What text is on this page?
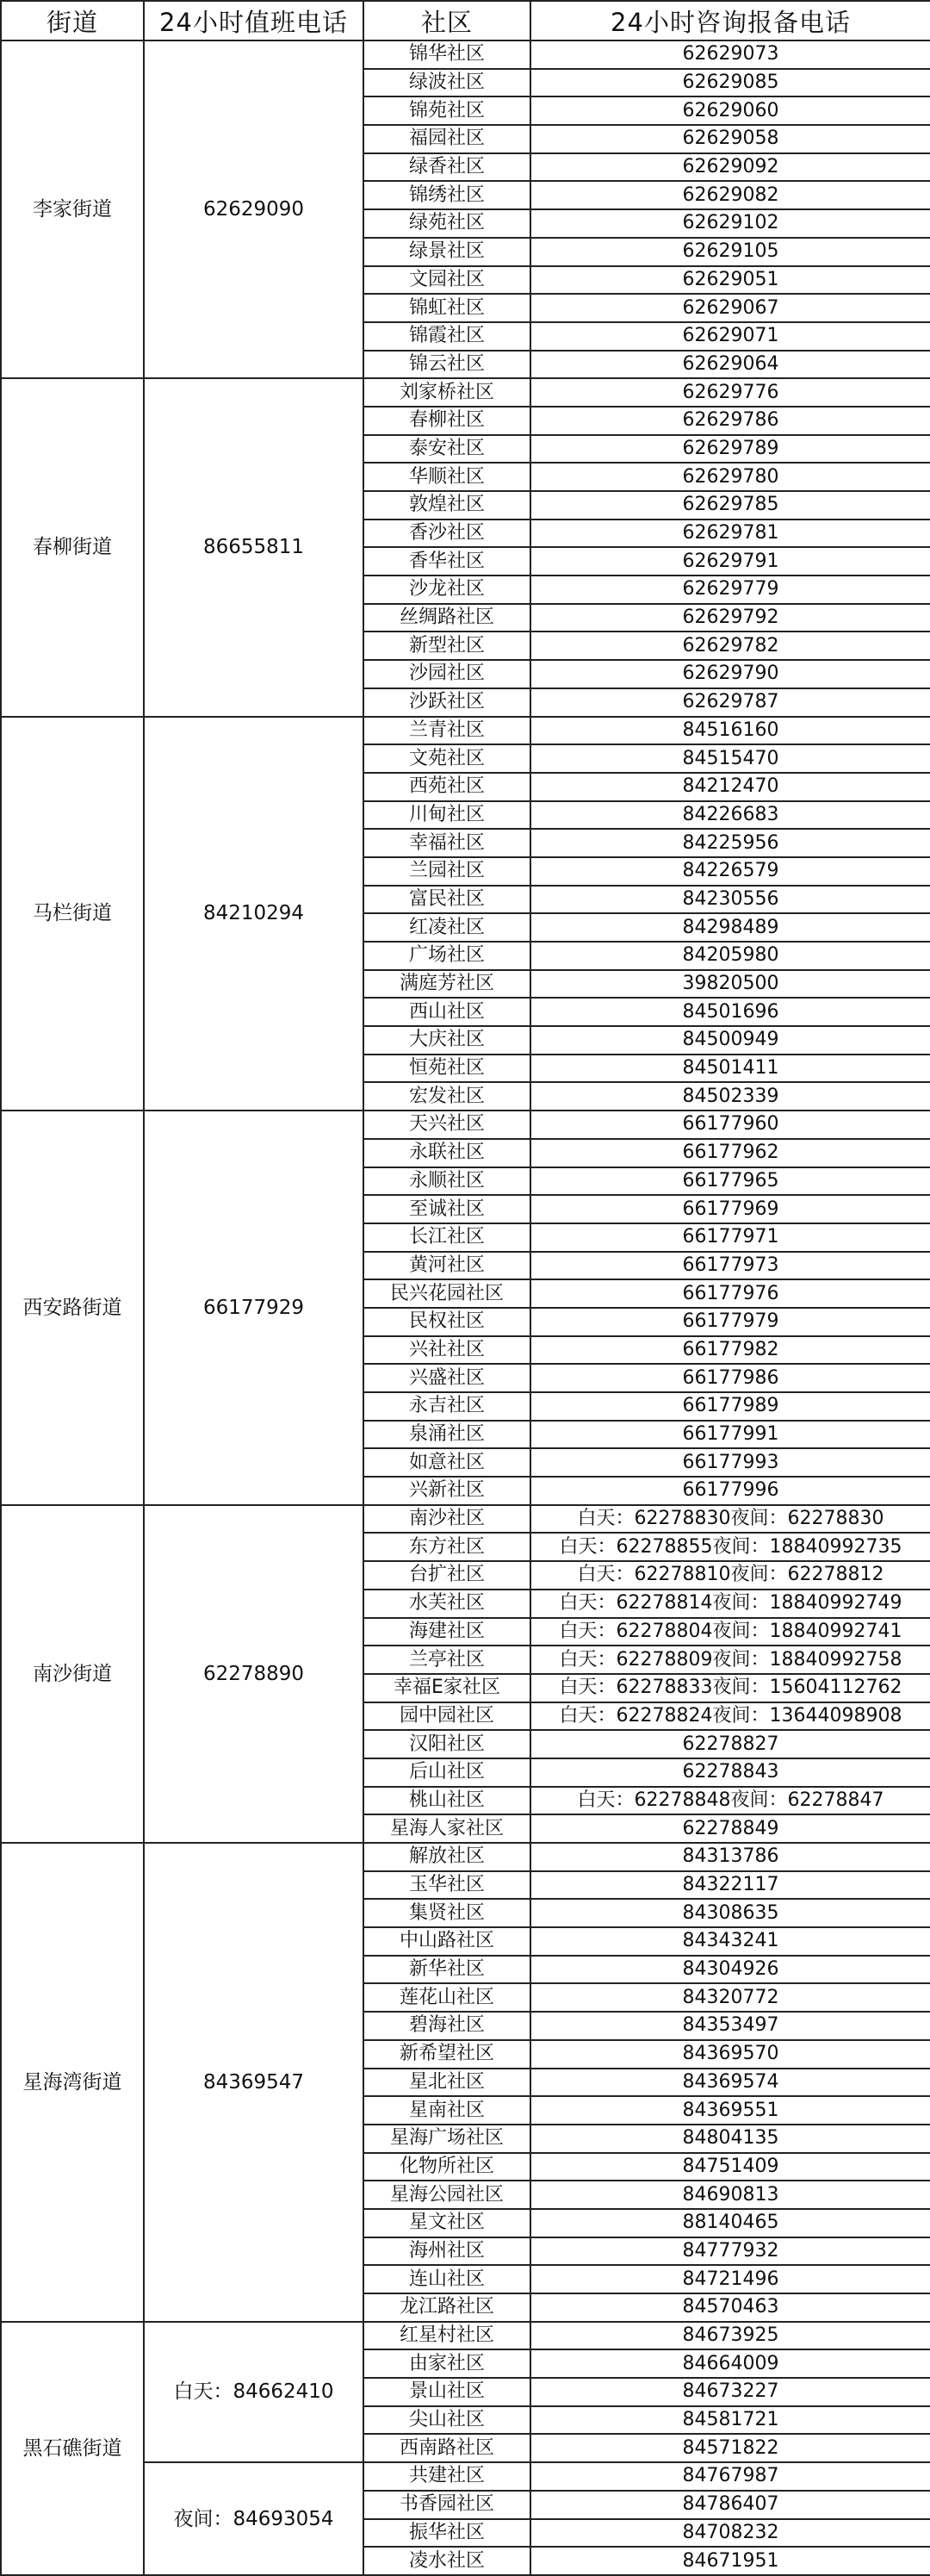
街道	24小时值班电话	社区	24小时咨询报备电话
李家街道	62629090	锦华社区	62629073
		绿波社区	62629085
		锦苑社区	62629060
		福园社区	62629058
		绿香社区	62629092
		锦绣社区	62629082
		绿苑社区	62629102
		绿景社区	62629105
		文园社区	62629051
		锦虹社区	62629067
		锦霞社区	62629071
		锦云社区	62629064
春柳街道	86655811	刘家桥社区	62629776
		春柳社区	62629786
		泰安社区	62629789
		华顺社区	62629780
		敦煌社区	62629785
		香沙社区	62629781
		香华社区	62629791
		沙龙社区	62629779
		丝绸路社区	62629792
		新型社区	62629782
		沙园社区	62629790
		沙跃社区	62629787
马栏街道	84210294	兰青社区	84516160
		文苑社区	84515470
		西苑社区	84212470
		川甸社区	84226683
		幸福社区	84225956
		兰园社区	84226579
		富民社区	84230556
		红凌社区	84298489
		广场社区	84205980
		满庭芳社区	39820500
		西山社区	84501696
		大庆社区	84500949
		恒苑社区	84501411
		宏发社区	84502339
西安路街道	66177929	天兴社区	66177960
		永联社区	66177962
		永顺社区	66177965
		至诚社区	66177969
		长江社区	66177971
		黄河社区	66177973
		民兴花园社区	66177976
		民权社区	66177979
		兴社社区	66177982
		兴盛社区	66177986
		永吉社区	66177989
		泉涌社区	66177991
		如意社区	66177993
		兴新社区	66177996
南沙街道	62278890	南沙社区	白天：62278830夜间：62278830
		东方社区	白天：62278855夜间：18840992735
		台扩社区	白天：62278810夜间：62278812
		水芙社区	白天：62278814夜间：18840992749
		海建社区	白天：62278804夜间：18840992741
		兰亭社区	白天：62278809夜间：18840992758
		幸福E家社区	白天：62278833夜间：15604112762
		园中园社区	白天：62278824夜间：13644098908
		汉阳社区	62278827
		后山社区	62278843
		桃山社区	白天：62278848夜间：62278847
		星海人家社区	62278849
星海湾街道	84369547	解放社区	84313786
		玉华社区	84322117
		集贤社区	84308635
		中山路社区	84343241
		新华社区	84304926
		莲花山社区	84320772
		碧海社区	84353497
		新希望社区	84369570
		星北社区	84369574
		星南社区	84369551
		星海广场社区	84804135
		化物所社区	84751409
		星海公园社区	84690813
		星文社区	88140465
		海州社区	84777932
		连山社区	84721496
		龙江路社区	84570463
黑石礁街道	白天：84662410	红星村社区	84673925
		由家社区	84664009
		景山社区	84673227
		尖山社区	84581721
		西南路社区	84571822
	夜间：84693054	共建社区	84767987
		书香园社区	84786407
		振华社区	84708232
		凌水社区	84671951
